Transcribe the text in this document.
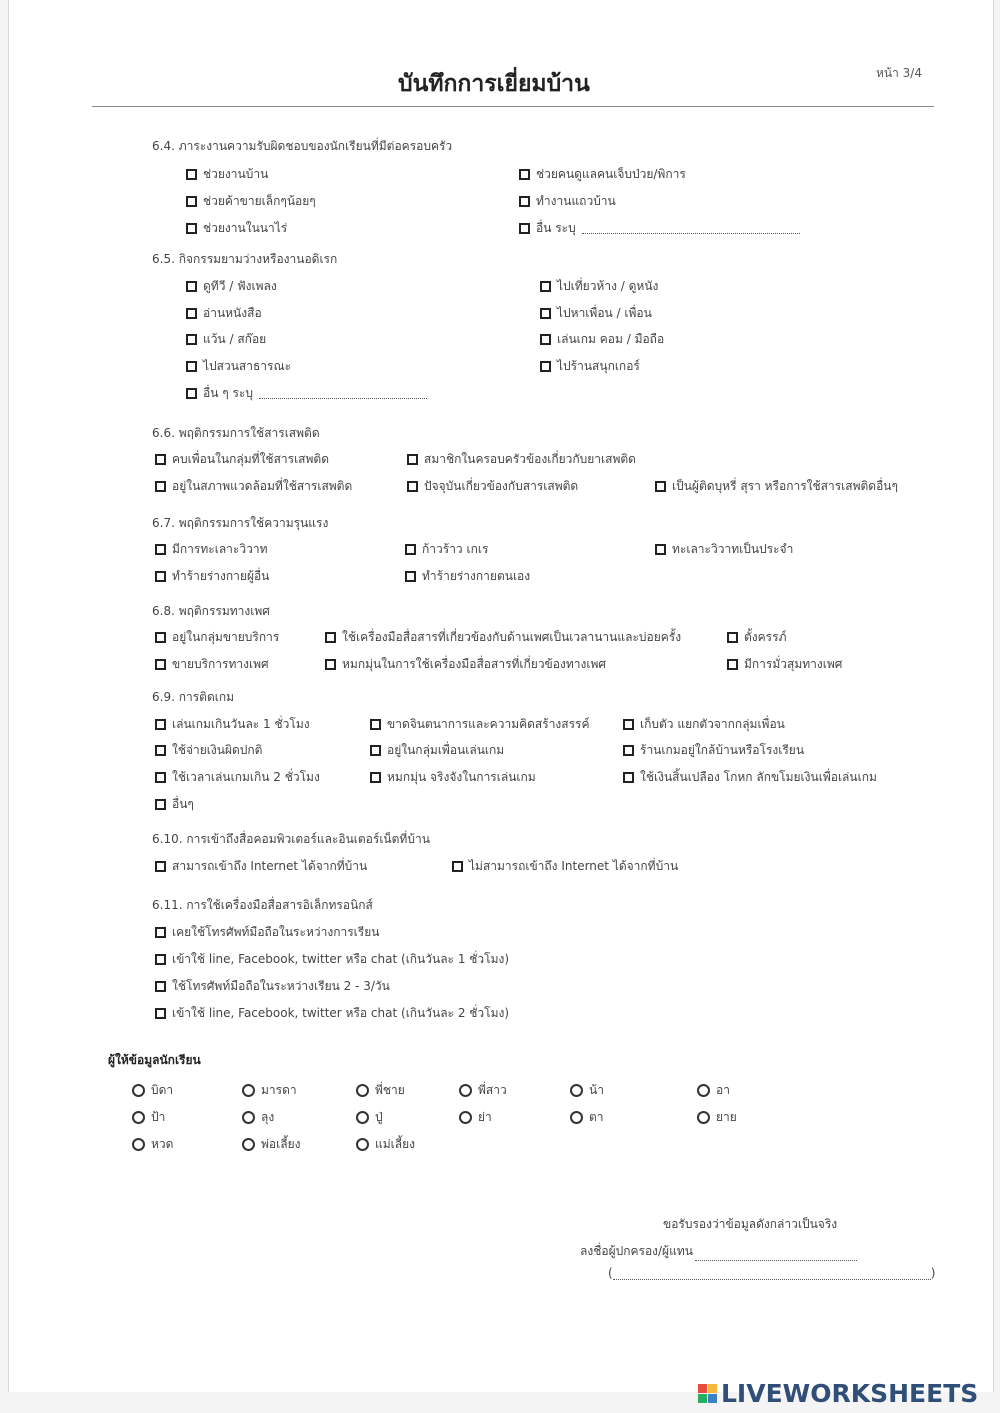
บันทึกการเยี่ยมบ้าน	หน้า 3/4
6.4. ภาระงานความรับผิดชอบของนักเรียนที่มีต่อครอบครัว
ช่วยงานบ้าน	ช่วยคนดูแลคนเจ็บป่วย/พิการ
ช่วยค้าขายเล็กๆน้อยๆ	ทำงานแถวบ้าน
ช่วยงานในนาไร่	อื่น ระบุ
6.5. กิจกรรมยามว่างหรืองานอดิเรก
ดูทีวี / ฟังเพลง	ไปเที่ยวห้าง / ดูหนัง
อ่านหนังสือ	ไปหาเพื่อน / เพื่อน
แว้น / สก๊อย	เล่นเกม คอม / มือถือ
ไปสวนสาธารณะ	ไปร้านสนุกเกอร์
อื่น ๆ ระบุ
6.6. พฤติกรรมการใช้สารเสพติด
คบเพื่อนในกลุ่มที่ใช้สารเสพติด	สมาชิกในครอบครัวข้องเกี่ยวกับยาเสพติด
อยู่ในสภาพแวดล้อมที่ใช้สารเสพติด	ปัจจุบันเกี่ยวข้องกับสารเสพติด	เป็นผู้ติดบุหรี่ สุรา หรือการใช้สารเสพติดอื่นๆ
6.7. พฤติกรรมการใช้ความรุนแรง
มีการทะเลาะวิวาท	ก้าวร้าว เกเร	ทะเลาะวิวาทเป็นประจำ
ทำร้ายร่างกายผู้อื่น	ทำร้ายร่างกายตนเอง
6.8. พฤติกรรมทางเพศ
อยู่ในกลุ่มขายบริการ	ใช้เครื่องมือสื่อสารที่เกี่ยวข้องกับด้านเพศเป็นเวลานานและบ่อยครั้ง	ตั้งครรภ์
ขายบริการทางเพศ	หมกมุ่นในการใช้เครื่องมือสื่อสารที่เกี่ยวข้องทางเพศ	มีการมั่วสุมทางเพศ
6.9. การติดเกม
เล่นเกมเกินวันละ 1 ชั่วโมง	ขาดจินตนาการและความคิดสร้างสรรค์	เก็บตัว แยกตัวจากกลุ่มเพื่อน
ใช้จ่ายเงินผิดปกติ	อยู่ในกลุ่มเพื่อนเล่นเกม	ร้านเกมอยู่ใกล้บ้านหรือโรงเรียน
ใช้เวลาเล่นเกมเกิน 2 ชั่วโมง	หมกมุ่น จริงจังในการเล่นเกม	ใช้เงินสิ้นเปลือง โกหก ลักขโมยเงินเพื่อเล่นเกม
อื่นๆ
6.10. การเข้าถึงสื่อคอมพิวเตอร์และอินเตอร์เน็ตที่บ้าน
สามารถเข้าถึง Internet ได้จากที่บ้าน	ไม่สามารถเข้าถึง Internet ได้จากที่บ้าน
6.11. การใช้เครื่องมือสื่อสารอิเล็กทรอนิกส์
เคยใช้โทรศัพท์มือถือในระหว่างการเรียน
เข้าใช้ line, Facebook, twitter หรือ chat (เกินวันละ 1 ชั่วโมง)
ใช้โทรศัพท์มือถือในระหว่างเรียน 2 - 3/วัน
เข้าใช้ line, Facebook, twitter หรือ chat (เกินวันละ 2 ชั่วโมง)
ผู้ให้ข้อมูลนักเรียน
บิดา	มารดา	พี่ชาย	พี่สาว	น้า	อา
ป้า	ลุง	ปู่	ย่า	ตา	ยาย
หวด	พ่อเลี้ยง	แม่เลี้ยง
ขอรับรองว่าข้อมูลดังกล่าวเป็นจริง
ลงชื่อผู้ปกครอง/ผู้แทน
(	)
LIVEWORKSHEETS
